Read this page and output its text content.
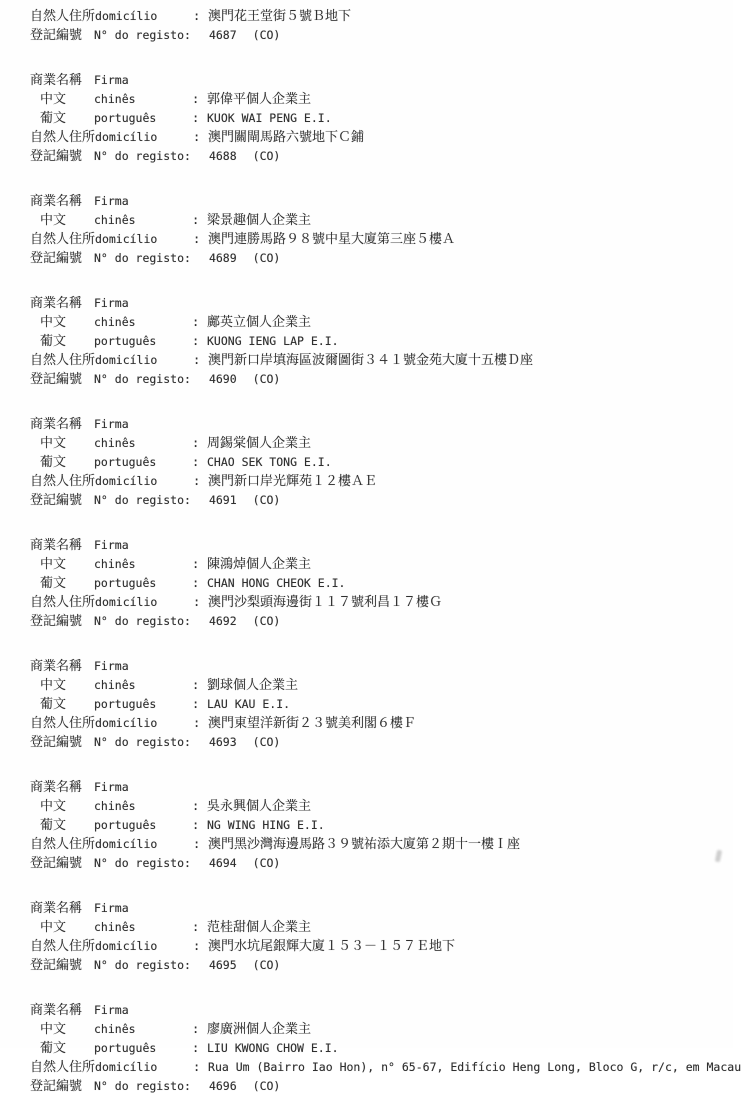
自然人住所 domicílio	: 澳門花王堂街５號Ｂ地下
登記編號	N° do registo: 4687 (CO)
商業名稱	Firma
中文	chinês	: 郭偉平個人企業主
葡文	português	: KUOK WAI PENG E.I.
自然人住所 domicílio	: 澳門關閘馬路六號地下Ｃ鋪
登記編號	N° do registo: 4688 (CO)
商業名稱	Firma
中文	chinês	: 梁景趣個人企業主
自然人住所 domicílio	: 澳門連勝馬路９８號中星大廈第三座５樓Ａ
登記編號	N° do registo: 4689 (CO)
商業名稱	Firma
中文	chinês	: 鄺英立個人企業主
葡文	português	: KUONG IENG LAP E.I.
自然人住所 domicílio	: 澳門新口岸填海區波爾圖街３４１號金苑大廈十五樓Ｄ座
登記編號	N° do registo: 4690 (CO)
商業名稱	Firma
中文	chinês	: 周錫棠個人企業主
葡文	português	: CHAO SEK TONG E.I.
自然人住所 domicílio	: 澳門新口岸光輝苑１２樓ＡＥ
登記編號	N° do registo: 4691 (CO)
商業名稱	Firma
中文	chinês	: 陳鴻焯個人企業主
葡文	português	: CHAN HONG CHEOK E.I.
自然人住所 domicílio	: 澳門沙梨頭海邊街１１７號利昌１７樓Ｇ
登記編號	N° do registo: 4692 (CO)
商業名稱	Firma
中文	chinês	: 劉球個人企業主
葡文	português	: LAU KAU E.I.
自然人住所 domicílio	: 澳門東望洋新街２３號美利閣６樓Ｆ
登記編號	N° do registo: 4693 (CO)
商業名稱	Firma
中文	chinês	: 吳永興個人企業主
葡文	português	: NG WING HING E.I.
自然人住所 domicílio	: 澳門黑沙灣海邊馬路３９號祐添大廈第２期十一樓Ｉ座
登記編號	N° do registo: 4694 (CO)
商業名稱	Firma
中文	chinês	: 范桂甜個人企業主
自然人住所 domicílio	: 澳門水坑尾銀輝大廈１５３－１５７Ｅ地下
登記編號	N° do registo: 4695 (CO)
商業名稱	Firma
中文	chinês	: 廖廣洲個人企業主
葡文	português	: LIU KWONG CHOW E.I.
自然人住所 domicílio	: Rua Um (Bairro Iao Hon), n° 65-67, Edifício Heng Long, Bloco G, r/c, em Macau
登記編號	N° do registo: 4696 (CO)
